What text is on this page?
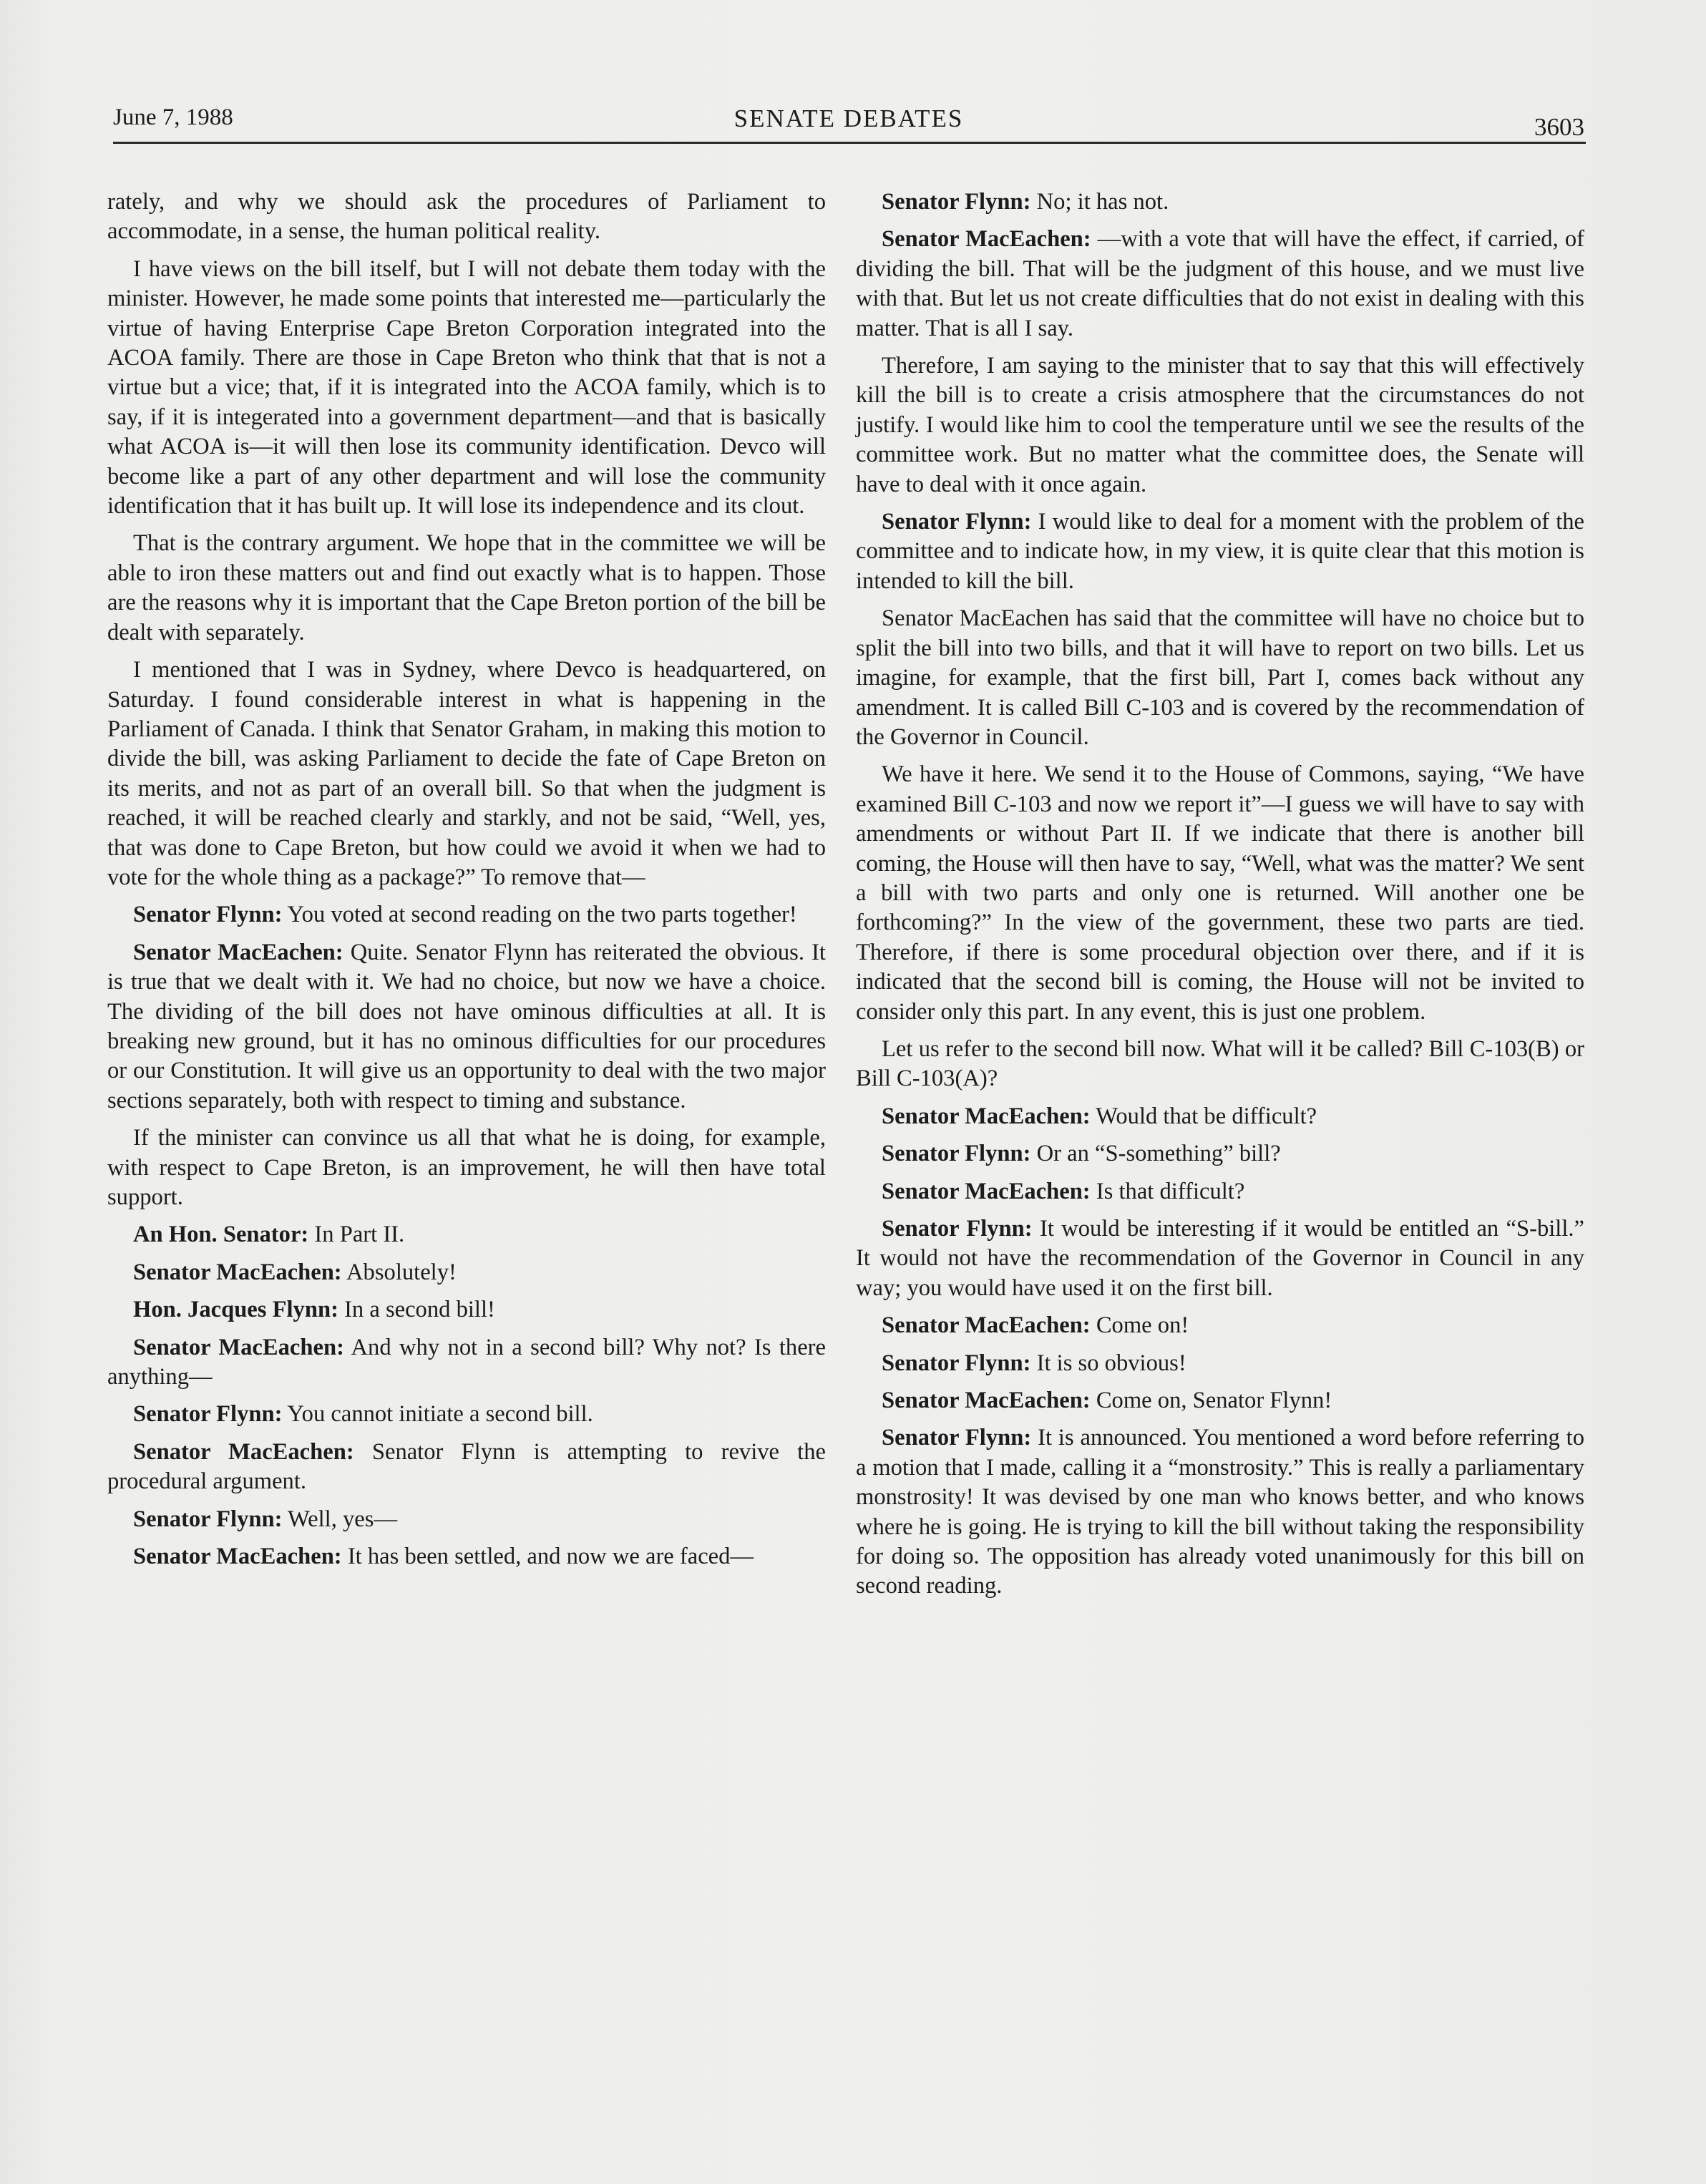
June 7, 1988	SENATE DEBATES	3603

rately, and why we should ask the procedures of Parliament to accommodate, in a sense, the human political reality.

I have views on the bill itself, but I will not debate them today with the minister. However, he made some points that interested me—particularly the virtue of having Enterprise Cape Breton Corporation integrated into the ACOA family. There are those in Cape Breton who think that that is not a virtue but a vice; that, if it is integrated into the ACOA family, which is to say, if it is integerated into a government department—and that is basically what ACOA is—it will then lose its community identification. Devco will become like a part of any other department and will lose the community identification that it has built up. It will lose its independence and its clout.

That is the contrary argument. We hope that in the committee we will be able to iron these matters out and find out exactly what is to happen. Those are the reasons why it is important that the Cape Breton portion of the bill be dealt with separately.

I mentioned that I was in Sydney, where Devco is headquartered, on Saturday. I found considerable interest in what is happening in the Parliament of Canada. I think that Senator Graham, in making this motion to divide the bill, was asking Parliament to decide the fate of Cape Breton on its merits, and not as part of an overall bill. So that when the judgment is reached, it will be reached clearly and starkly, and not be said, “Well, yes, that was done to Cape Breton, but how could we avoid it when we had to vote for the whole thing as a package?” To remove that—

Senator Flynn: You voted at second reading on the two parts together!

Senator MacEachen: Quite. Senator Flynn has reiterated the obvious. It is true that we dealt with it. We had no choice, but now we have a choice. The dividing of the bill does not have ominous difficulties at all. It is breaking new ground, but it has no ominous difficulties for our procedures or our Constitution. It will give us an opportunity to deal with the two major sections separately, both with respect to timing and substance.

If the minister can convince us all that what he is doing, for example, with respect to Cape Breton, is an improvement, he will then have total support.

An Hon. Senator: In Part II.

Senator MacEachen: Absolutely!

Hon. Jacques Flynn: In a second bill!

Senator MacEachen: And why not in a second bill? Why not? Is there anything—

Senator Flynn: You cannot initiate a second bill.

Senator MacEachen: Senator Flynn is attempting to revive the procedural argument.

Senator Flynn: Well, yes—

Senator MacEachen: It has been settled, and now we are faced—

Senator Flynn: No; it has not.

Senator MacEachen: —with a vote that will have the effect, if carried, of dividing the bill. That will be the judgment of this house, and we must live with that. But let us not create difficulties that do not exist in dealing with this matter. That is all I say.

Therefore, I am saying to the minister that to say that this will effectively kill the bill is to create a crisis atmosphere that the circumstances do not justify. I would like him to cool the temperature until we see the results of the committee work. But no matter what the committee does, the Senate will have to deal with it once again.

Senator Flynn: I would like to deal for a moment with the problem of the committee and to indicate how, in my view, it is quite clear that this motion is intended to kill the bill.

Senator MacEachen has said that the committee will have no choice but to split the bill into two bills, and that it will have to report on two bills. Let us imagine, for example, that the first bill, Part I, comes back without any amendment. It is called Bill C-103 and is covered by the recommendation of the Governor in Council.

We have it here. We send it to the House of Commons, saying, “We have examined Bill C-103 and now we report it”—I guess we will have to say with amendments or without Part II. If we indicate that there is another bill coming, the House will then have to say, “Well, what was the matter? We sent a bill with two parts and only one is returned. Will another one be forthcoming?” In the view of the government, these two parts are tied. Therefore, if there is some procedural objection over there, and if it is indicated that the second bill is coming, the House will not be invited to consider only this part. In any event, this is just one problem.

Let us refer to the second bill now. What will it be called? Bill C-103(B) or Bill C-103(A)?

Senator MacEachen: Would that be difficult?

Senator Flynn: Or an “S-something” bill?

Senator MacEachen: Is that difficult?

Senator Flynn: It would be interesting if it would be entitled an “S-bill.” It would not have the recommendation of the Governor in Council in any way; you would have used it on the first bill.

Senator MacEachen: Come on!

Senator Flynn: It is so obvious!

Senator MacEachen: Come on, Senator Flynn!

Senator Flynn: It is announced. You mentioned a word before referring to a motion that I made, calling it a “monstrosity.” This is really a parliamentary monstrosity! It was devised by one man who knows better, and who knows where he is going. He is trying to kill the bill without taking the responsibility for doing so. The opposition has already voted unanimously for this bill on second reading.
